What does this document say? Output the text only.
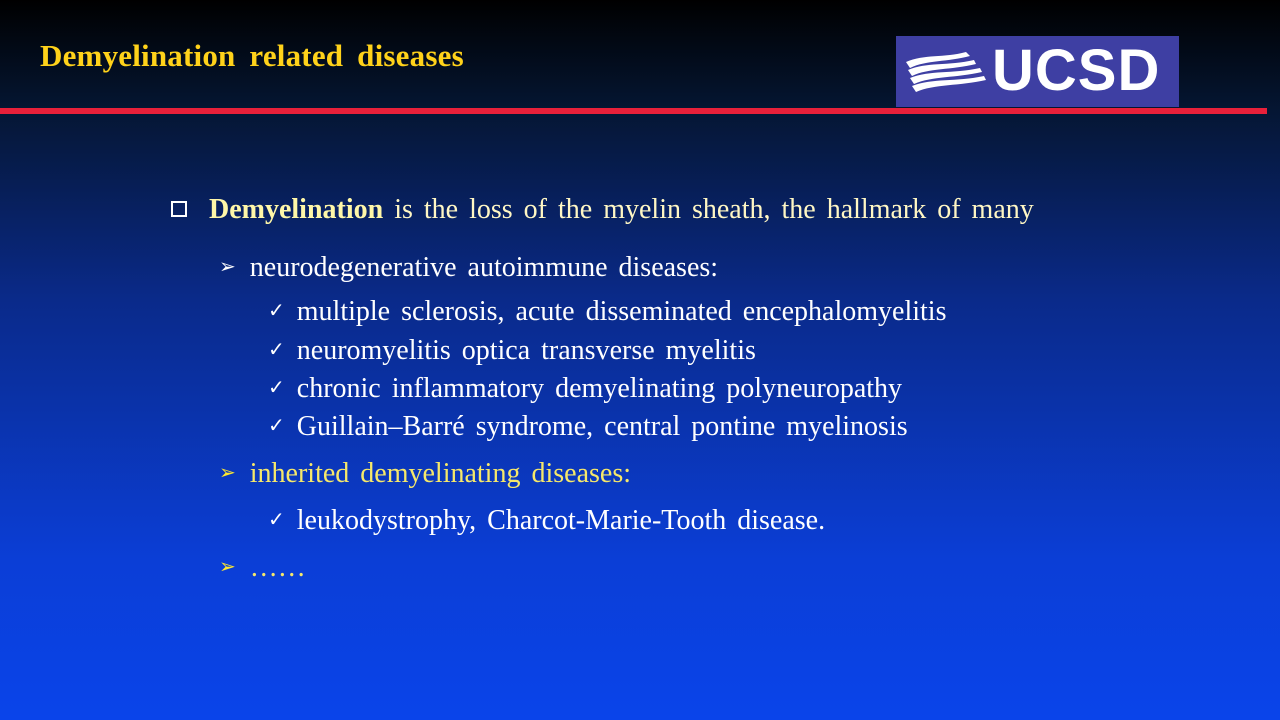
Demyelination related diseases	UCSD
Demyelination is the loss of the myelin sheath, the hallmark of many
➢ neurodegenerative autoimmune diseases:
✓ multiple sclerosis, acute disseminated encephalomyelitis
✓ neuromyelitis optica transverse myelitis
✓ chronic inflammatory demyelinating polyneuropathy
✓ Guillain–Barré syndrome, central pontine myelinosis
➢ inherited demyelinating diseases:
✓ leukodystrophy, Charcot-Marie-Tooth disease.
➢ ……
